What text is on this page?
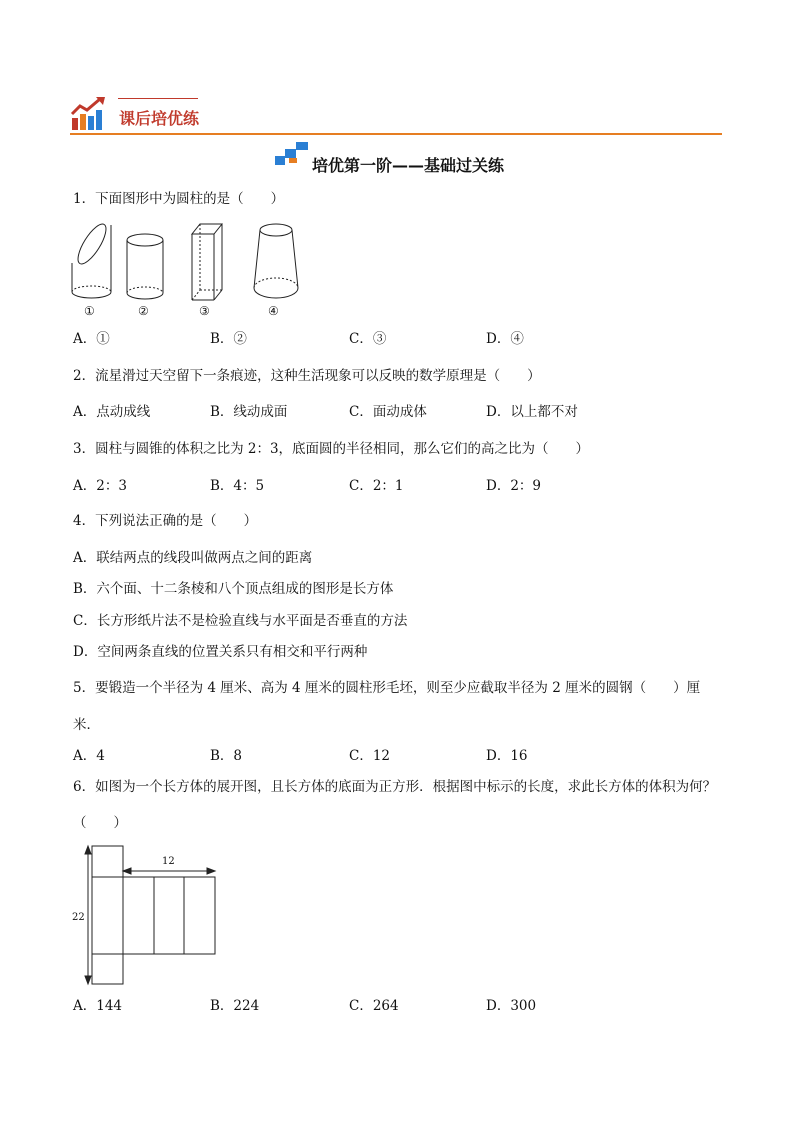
课后培优练
培优第一阶——基础过关练
1．下面图形中为圆柱的是（　　）
①	②	③	④
A．①	B．②	C．③	D．④
2．流星滑过天空留下一条痕迹，这种生活现象可以反映的数学原理是（　　）
A．点动成线	B．线动成面	C．面动成体	D．以上都不对
3．圆柱与圆锥的体积之比为 2：3，底面圆的半径相同，那么它们的高之比为（　　）
A．2：3	B．4：5	C．2：1	D．2：9
4．下列说法正确的是（　　）
A．联结两点的线段叫做两点之间的距离
B．六个面、十二条棱和八个顶点组成的图形是长方体
C．长方形纸片法不是检验直线与水平面是否垂直的方法
D．空间两条直线的位置关系只有相交和平行两种
5．要锻造一个半径为 4 厘米、高为 4 厘米的圆柱形毛坯，则至少应截取半径为 2 厘米的圆钢（　　）厘
米．
A．4	B．8	C．12	D．16
6．如图为一个长方体的展开图，且长方体的底面为正方形．根据图中标示的长度，求此长方体的体积为何？
（　　）
12
22
A．144	B．224	C．264	D．300
